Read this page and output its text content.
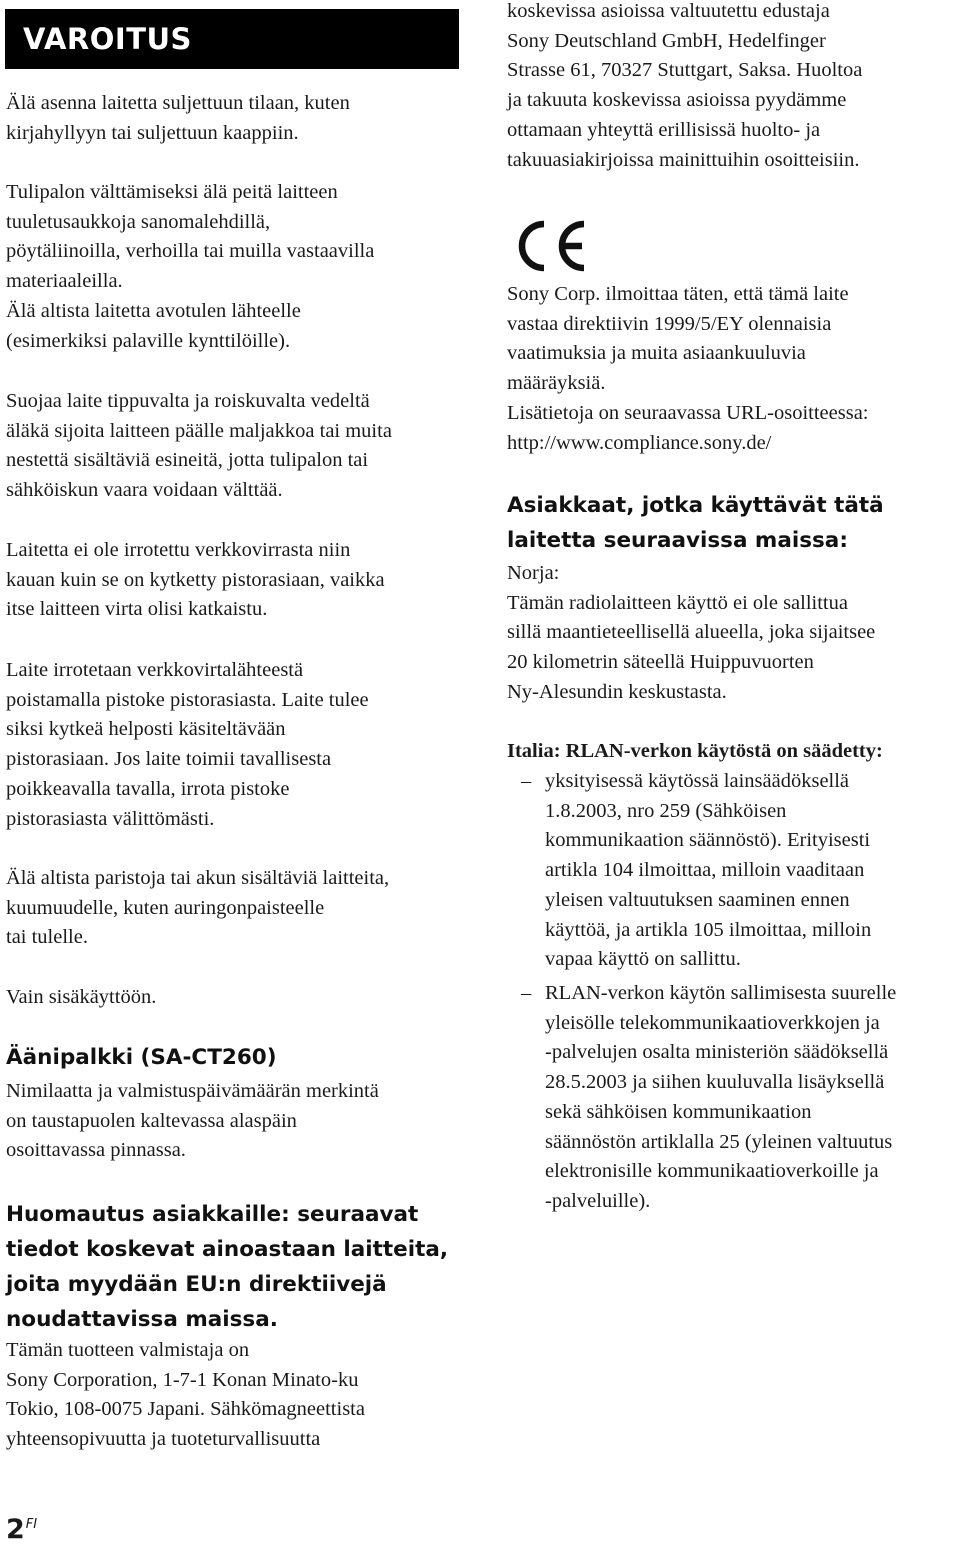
VAROITUS

Älä asenna laitetta suljettuun tilaan, kuten

kirjahyllyyn tai suljettuun kaappiin.

Tulipalon välttämiseksi älä peitä laitteen

tuuletusaukkoja sanomalehdillä,

pöytäliinoilla, verhoilla tai muilla vastaavilla

materiaaleilla.

Älä altista laitetta avotulen lähteelle

(esimerkiksi palaville kynttilöille).

Suojaa laite tippuvalta ja roiskuvalta vedeltä

äläkä sijoita laitteen päälle maljakkoa tai muita

nestettä sisältäviä esineitä, jotta tulipalon tai

sähköiskun vaara voidaan välttää.

Laitetta ei ole irrotettu verkkovirrasta niin

kauan kuin se on kytketty pistorasiaan, vaikka

itse laitteen virta olisi katkaistu.

Laite irrotetaan verkkovirtalähteestä

poistamalla pistoke pistorasiasta. Laite tulee

siksi kytkeä helposti käsiteltävään

pistorasiaan. Jos laite toimii tavallisesta

poikkeavalla tavalla, irrota pistoke

pistorasiasta välittömästi.

Älä altista paristoja tai akun sisältäviä laitteita,

kuumuudelle, kuten auringonpaisteelle

tai tulelle.

Vain sisäkäyttöön.

Äänipalkki (SA-CT260)

Nimilaatta ja valmistuspäivämäärän merkintä

on taustapuolen kaltevassa alaspäin

osoittavassa pinnassa.

Huomautus asiakkaille: seuraavat
tiedot koskevat ainoastaan laitteita,
joita myydään EU:n direktiivejä
noudattavissa maissa.

Tämän tuotteen valmistaja on

Sony Corporation, 1-7-1 Konan Minato-ku

Tokio, 108-0075 Japani. Sähkömagneettista

yhteensopivuutta ja tuoteturvallisuutta

koskevissa asioissa valtuutettu edustaja

Sony Deutschland GmbH, Hedelfinger

Strasse 61, 70327 Stuttgart, Saksa. Huoltoa

ja takuuta koskevissa asioissa pyydämme

ottamaan yhteyttä erillisissä huolto- ja

takuuasiakirjoissa mainittuihin osoitteisiin.

Sony Corp. ilmoittaa täten, että tämä laite

vastaa direktiivin 1999/5/EY olennaisia

vaatimuksia ja muita asiaankuuluvia

määräyksiä.

Lisätietoja on seuraavassa URL-osoitteessa:

http://www.compliance.sony.de/

Asiakkaat, jotka käyttävät tätä
laitetta seuraavissa maissa:

Norja:

Tämän radiolaitteen käyttö ei ole sallittua

sillä maantieteellisellä alueella, joka sijaitsee

20 kilometrin säteellä Huippuvuorten

Ny-Alesundin keskustasta.

Italia: RLAN-verkon käytöstä on säädetty:
– yksityisessä käytössä lainsäädöksellä

1.8.2003, nro 259 (Sähköisen

kommunikaation säännöstö). Erityisesti

artikla 104 ilmoittaa, milloin vaaditaan

yleisen valtuutuksen saaminen ennen

käyttöä, ja artikla 105 ilmoittaa, milloin

vapaa käyttö on sallittu.

– RLAN-verkon käytön sallimisesta suurelle

yleisölle telekommunikaatioverkkojen ja

-palvelujen osalta ministeriön säädöksellä

28.5.2003 ja siihen kuuluvalla lisäyksellä

sekä sähköisen kommunikaation

säännöstön artiklalla 25 (yleinen valtuutus

elektronisille kommunikaatioverkoille ja

-palveluille).

$2^{FI}$
